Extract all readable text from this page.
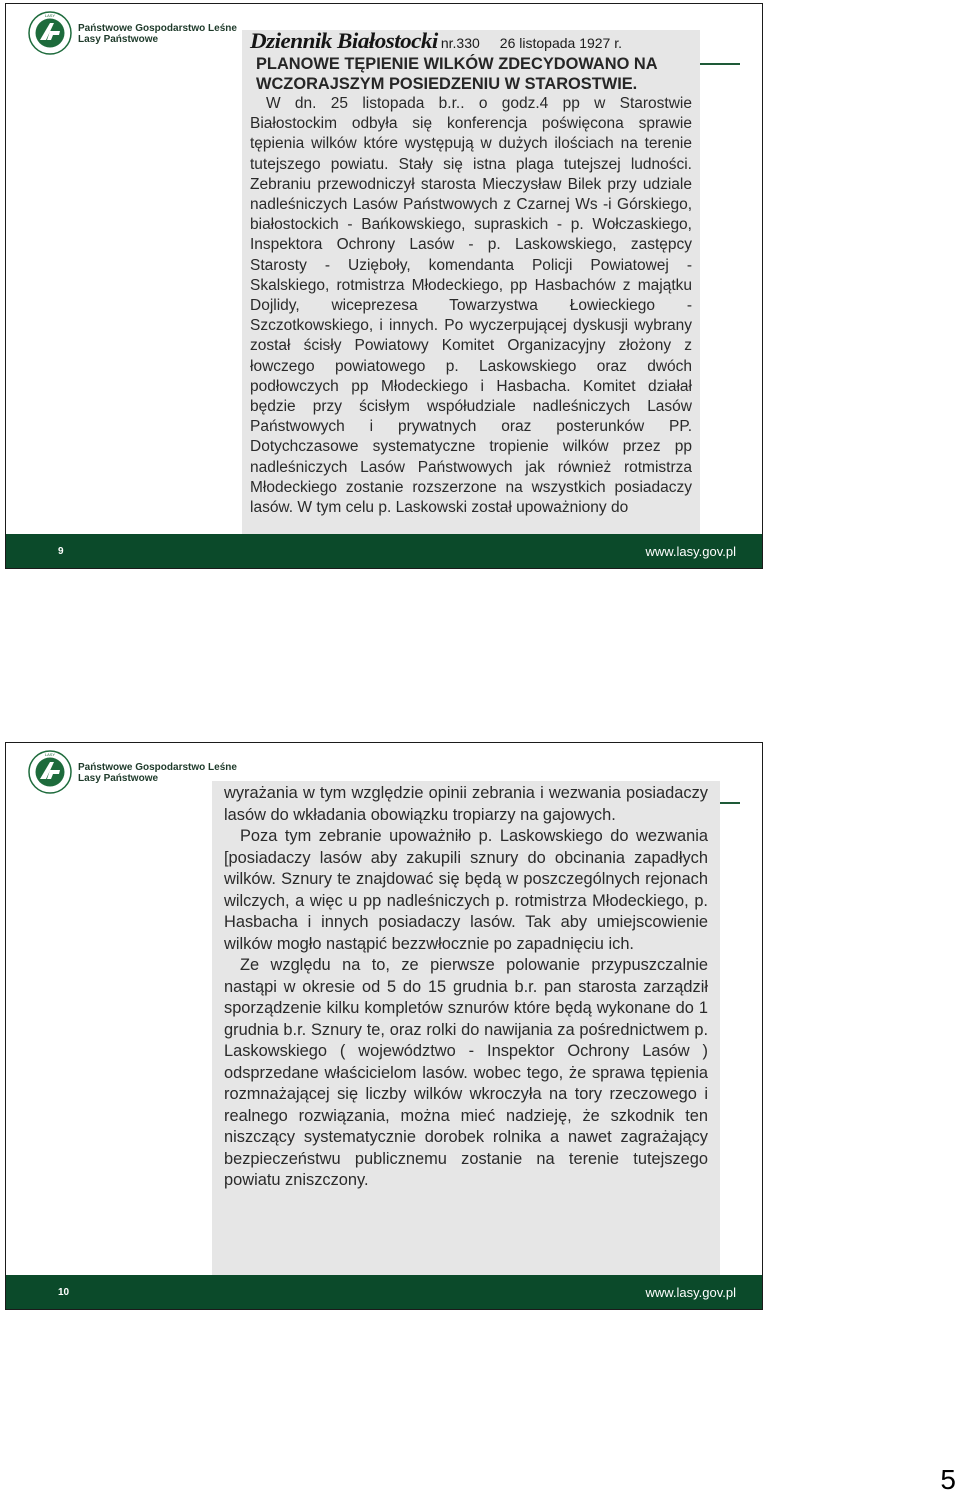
LASY
Państwowe Gospodarstwo Leśne
Lasy Państwowe	Dziennik Białostocki nr.330 26 listopada 1927 r.

PLANOWE TĘPIENIE WILKÓW ZDECYDOWANO NA WCZORAJSZYM POSIEDZENIU W STAROSTWIE.

W dn. 25 listopada b.r.. o godz.4 pp w Starostwie Białostockim odbyła się konferencja poświęcona sprawie tępienia wilków które występują w dużych ilościach na terenie tutejszego powiatu. Stały się istna plaga tutejszej ludności. Zebraniu przewodniczył starosta Mieczysław Bilek przy udziale nadleśniczych Lasów Państwowych z Czarnej Ws -i Górskiego, białostockich - Bańkowskiego, supraskich - p. Wołczaskiego, Inspektora Ochrony Lasów - p. Laskowskiego, zastępcy Starosty - Uzięboły, komendanta Policji Powiatowej - Skalskiego, rotmistrza Młodeckiego, pp Hasbachów z majątku Dojlidy, wiceprezesa Towarzystwa Łowieckiego - Szczotkowskiego, i innych. Po wyczerpującej dyskusji wybrany został ścisły Powiatowy Komitet Organizacyjny złożony z łowczego powiatowego p. Laskowskiego oraz dwóch podłowczych pp Młodeckiego i Hasbacha. Komitet działał będzie przy ścisłym współudziale nadleśniczych Lasów Państwowych i prywatnych oraz posterunków PP. Dotychczasowe systematyczne tropienie wilków przez pp nadleśniczych Lasów Państwowych jak również rotmistrza Młodeckiego zostanie rozszerzone na wszystkich posiadaczy lasów. W tym celu p. Laskowski został upoważniony do

9	www.lasy.gov.pl
LASY
Państwowe Gospodarstwo Leśne
Lasy Państwowe

wyrażania w tym względzie opinii zebrania i wezwania posiadaczy lasów do wkładania obowiązku tropiarzy na gajowych.

Poza tym zebranie upoważniło p. Laskowskiego do wezwania [posiadaczy lasów aby zakupili sznury do obcinania zapadłych wilków. Sznury te znajdować się będą w poszczególnych rejonach wilczych, a więc u pp nadleśniczych p. rotmistrza Młodeckiego, p. Hasbacha i innych posiadaczy lasów. Tak aby umiejscowienie wilków mogło nastąpić bezzwłocznie po zapadnięciu ich.

Ze względu na to, ze pierwsze polowanie przypuszczalnie nastąpi w okresie od 5 do 15 grudnia b.r. pan starosta zarządził sporządzenie kilku kompletów sznurów które będą wykonane do 1 grudnia b.r. Sznury te, oraz rolki do nawijania za pośrednictwem p. Laskowskiego ( województwo - Inspektor Ochrony Lasów ) odsprzedane właścicielom lasów. wobec tego, że sprawa tępienia rozmnażającej się liczby wilków wkroczyła na tory rzeczowego i realnego rozwiązania, można mieć nadzieję, że szkodnik ten niszczący systematycznie dorobek rolnika a nawet zagrażający bezpieczeństwu publicznemu zostanie na terenie tutejszego powiatu zniszczony.

10	www.lasy.gov.pl
5
